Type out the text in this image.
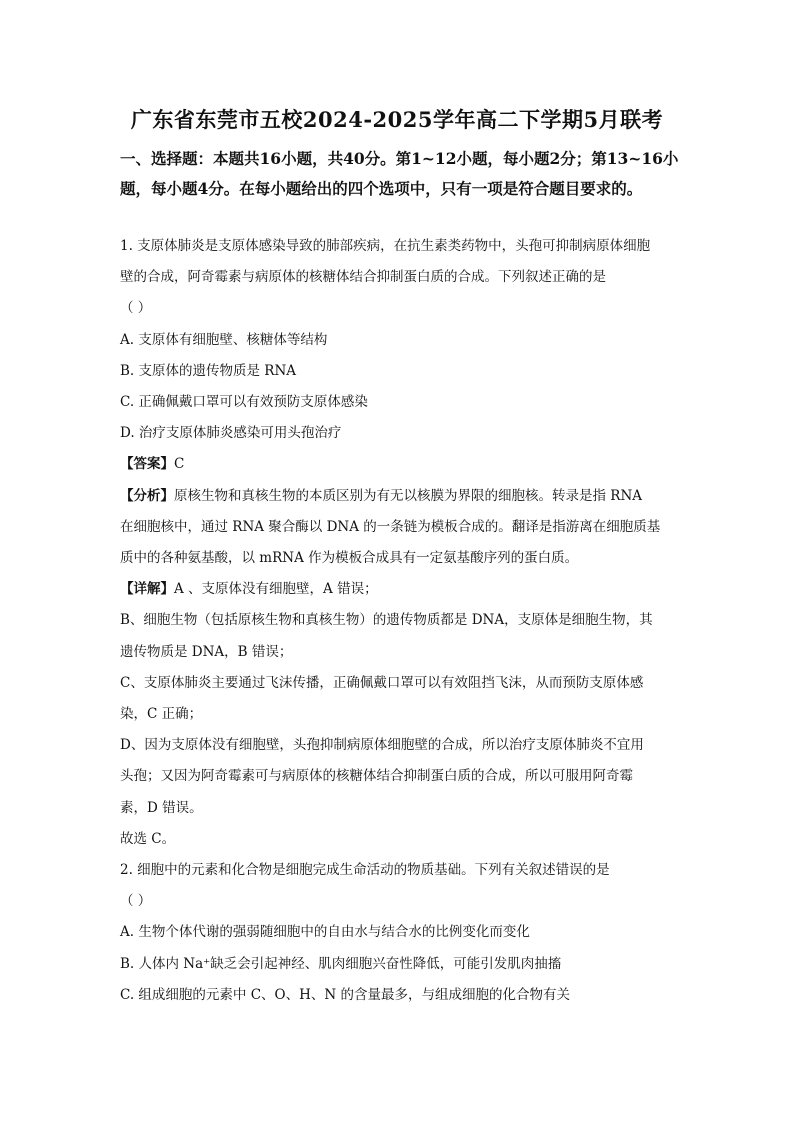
广东省东莞市五校2024-2025学年高二下学期5月联考
一、选择题：本题共16小题，共40分。第1~12小题，每小题2分；第13~16小题，每小题4分。在每小题给出的四个选项中，只有一项是符合题目要求的。
1. 支原体肺炎是支原体感染导致的肺部疾病，在抗生素类药物中，头孢可抑制病原体细胞
壁的合成，阿奇霉素与病原体的核糖体结合抑制蛋白质的合成。下列叙述正确的是
（ ）
A. 支原体有细胞壁、核糖体等结构
B. 支原体的遗传物质是 RNA
C. 正确佩戴口罩可以有效预防支原体感染
D. 治疗支原体肺炎感染可用头孢治疗
【答案】C
【分析】原核生物和真核生物的本质区别为有无以核膜为界限的细胞核。转录是指 RNA
在细胞核中，通过 RNA 聚合酶以 DNA 的一条链为模板合成的。翻译是指游离在细胞质基
质中的各种氨基酸，以 mRNA 作为模板合成具有一定氨基酸序列的蛋白质。
【详解】A 、支原体没有细胞壁，A 错误；
B、细胞生物（包括原核生物和真核生物）的遗传物质都是 DNA，支原体是细胞生物，其
遗传物质是 DNA，B 错误；
C、支原体肺炎主要通过飞沫传播，正确佩戴口罩可以有效阻挡飞沫，从而预防支原体感
染，C 正确；
D、因为支原体没有细胞壁，头孢抑制病原体细胞壁的合成，所以治疗支原体肺炎不宜用
头孢；又因为阿奇霉素可与病原体的核糖体结合抑制蛋白质的合成，所以可服用阿奇霉
素，D 错误。
故选 C。
2. 细胞中的元素和化合物是细胞完成生命活动的物质基础。下列有关叙述错误的是
（ ）
A. 生物个体代谢的强弱随细胞中的自由水与结合水的比例变化而变化
B. 人体内 Na⁺缺乏会引起神经、肌肉细胞兴奋性降低，可能引发肌肉抽搐
C. 组成细胞的元素中 C、O、H、N 的含量最多，与组成细胞的化合物有关
